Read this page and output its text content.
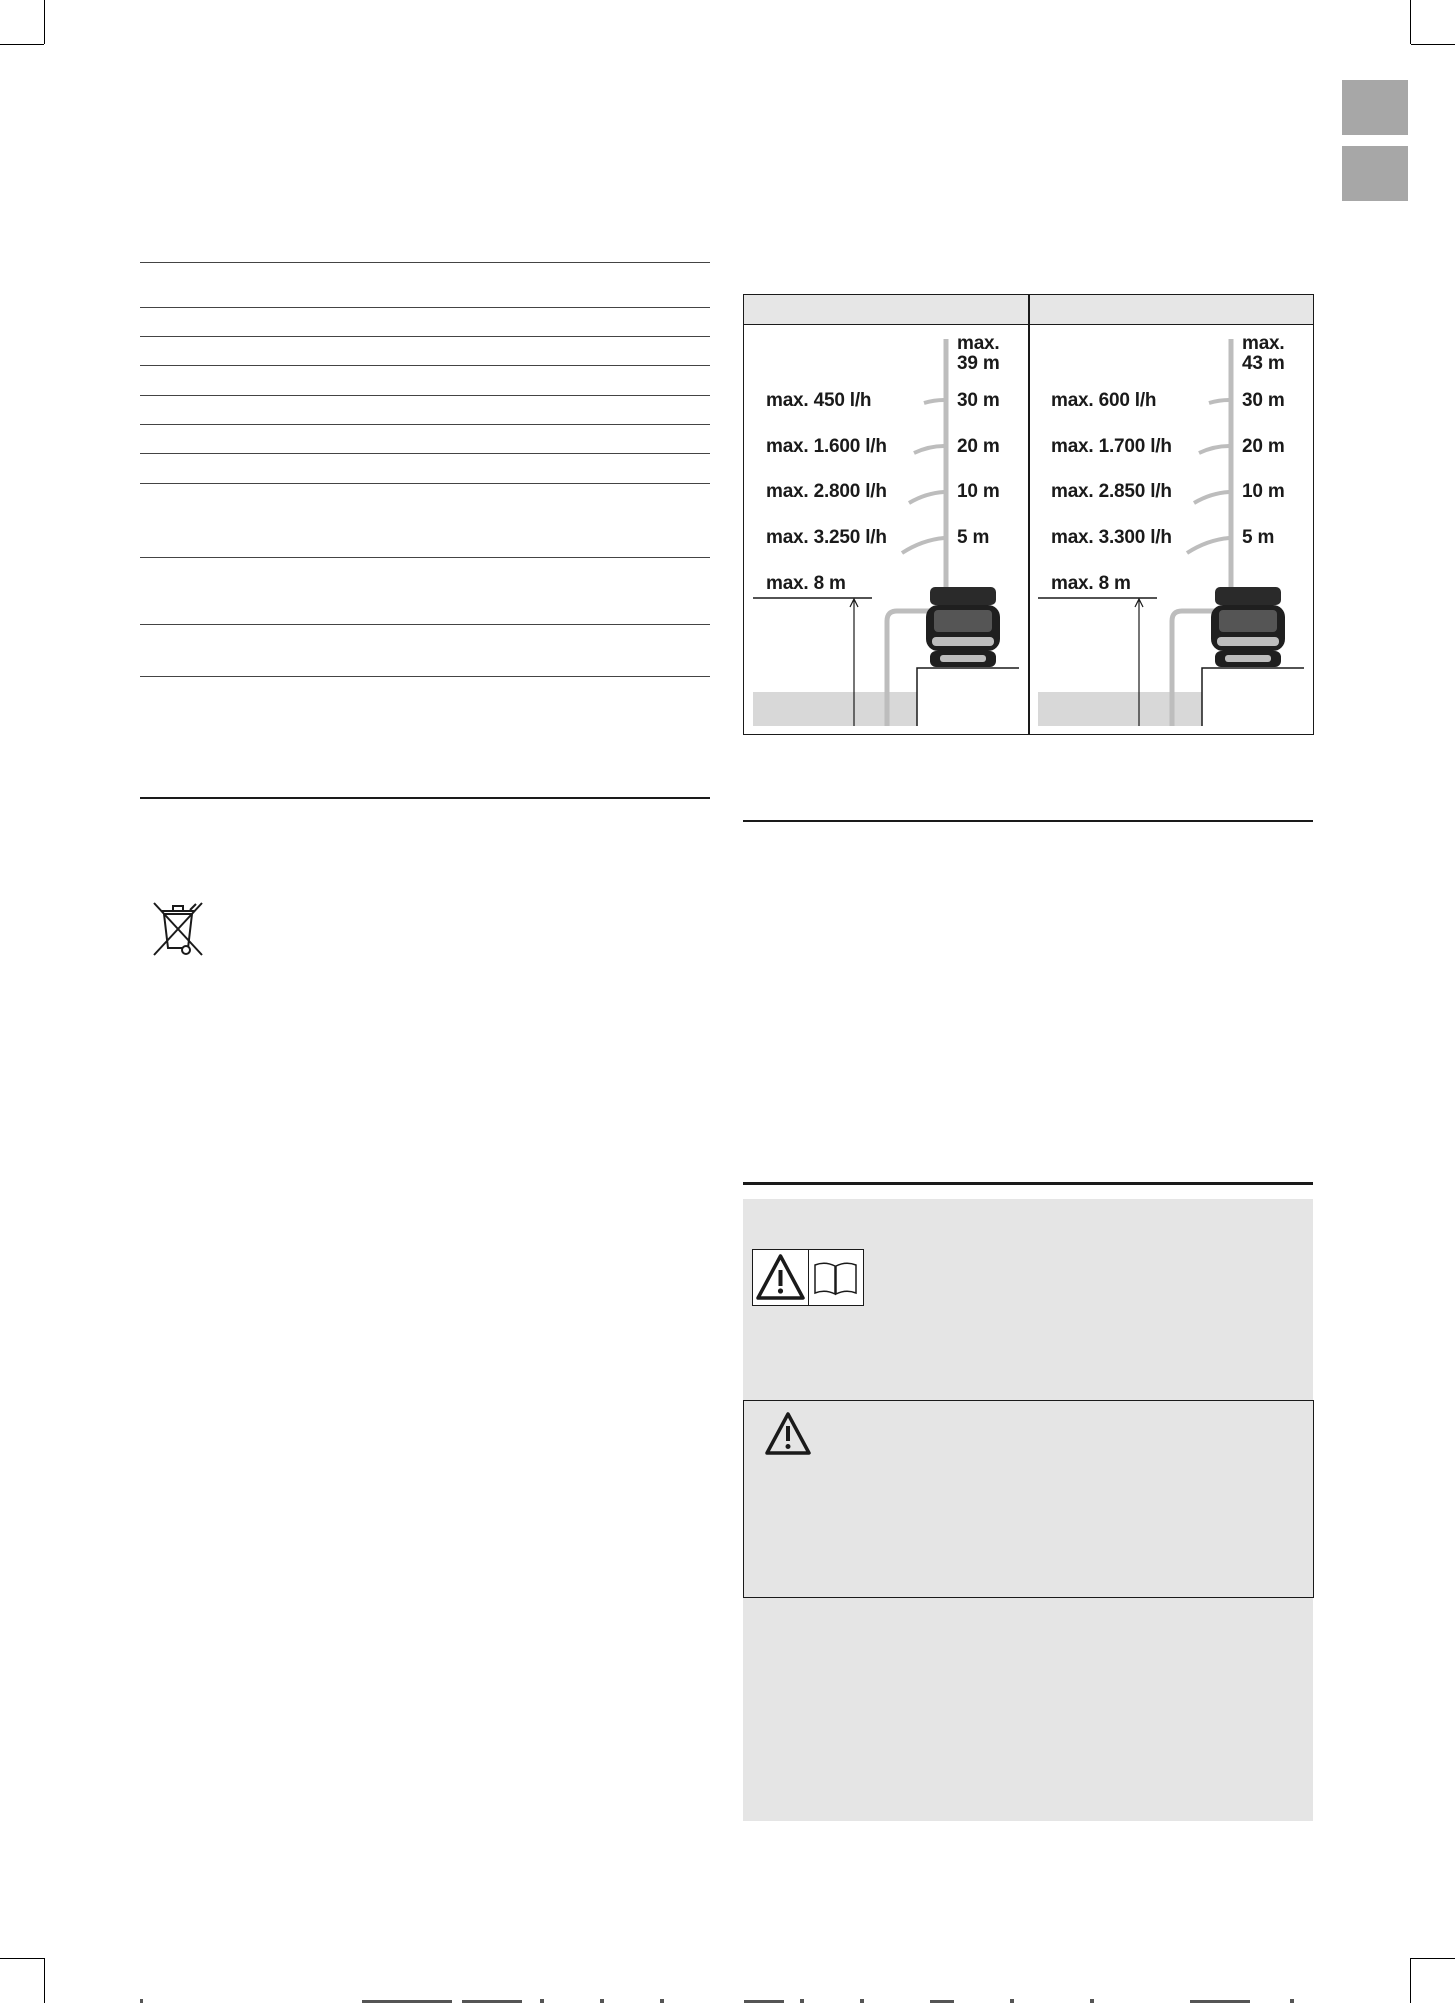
max.
39 m
max. 450 l/h	30 m
max. 1.600 l/h	20 m
max. 2.800 l/h	10 m
max. 3.250 l/h	5 m
max. 8 m
max.
43 m
max. 600 l/h	30 m
max. 1.700 l/h	20 m
max. 2.850 l/h	10 m
max. 3.300 l/h	5 m
max. 8 m
